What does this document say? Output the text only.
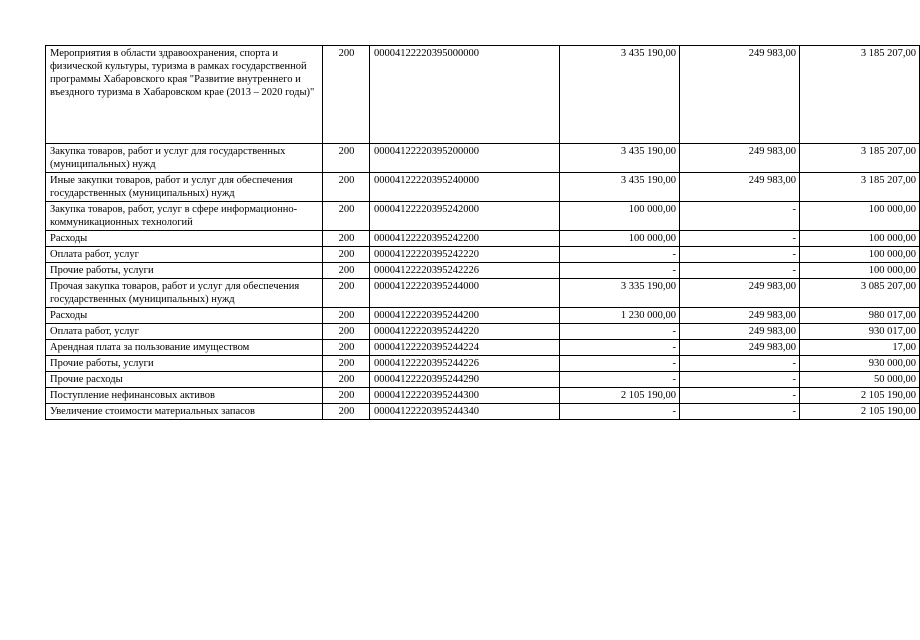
Мероприятия в области здравоохранения, спорта и физической культуры, туризма в рамках государственной программы Хабаровского края "Развитие внутреннего и въездного туризма в Хабаровском крае (2013 – 2020 годы)"	200	00004122220395000000	3 435 190,00	249 983,00	3 185 207,00
Закупка товаров, работ и услуг для государственных (муниципальных) нужд	200	00004122220395200000	3 435 190,00	249 983,00	3 185 207,00
Иные закупки товаров, работ и услуг для обеспечения государственных (муниципальных) нужд	200	00004122220395240000	3 435 190,00	249 983,00	3 185 207,00
Закупка товаров, работ, услуг в сфере информационно-коммуникационных технологий	200	00004122220395242000	100 000,00	-	100 000,00
Расходы	200	00004122220395242200	100 000,00	-	100 000,00
Оплата работ, услуг	200	00004122220395242220	-	-	100 000,00
Прочие работы, услуги	200	00004122220395242226	-	-	100 000,00
Прочая закупка товаров, работ и услуг для обеспечения государственных (муниципальных) нужд	200	00004122220395244000	3 335 190,00	249 983,00	3 085 207,00
Расходы	200	00004122220395244200	1 230 000,00	249 983,00	980 017,00
Оплата работ, услуг	200	00004122220395244220	-	249 983,00	930 017,00
Арендная плата за пользование имуществом	200	00004122220395244224	-	249 983,00	17,00
Прочие работы, услуги	200	00004122220395244226	-	-	930 000,00
Прочие расходы	200	00004122220395244290	-	-	50 000,00
Поступление нефинансовых активов	200	00004122220395244300	2 105 190,00	-	2 105 190,00
Увеличение стоимости материальных запасов	200	00004122220395244340	-	-	2 105 190,00
